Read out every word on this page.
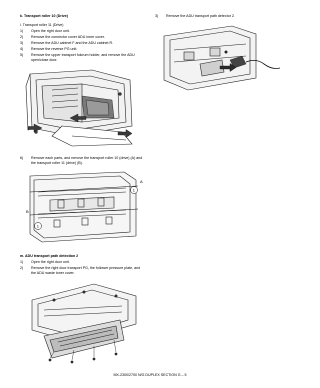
k. Transport roller 10 (Drive)
i. Transport roller 11 (Drive)
1) Open the right door unit.
2) Remove the connector cover ADU inner cover.
3) Remove the ADU cabinet F and the ADU cabinet R.
4) Remove the reverse PG unit.
5) Remove the upper transport fulcrum holder, and remove the ADU open/close door.
6) Remove each parts, and remove the transport roller 10 (drive) (A) and the transport roller 11 (drive) (B).
1
1
A
B
m. ADU transport path detection 2
1) Open the right door unit.
2) Remove the right door transport PG, the follower pressure plate, and the ADU waste toner cover.
3) Remove the ADU transport path detector 2.
MX-2300/2700 N/G DUPLEX SECTION G – 5
